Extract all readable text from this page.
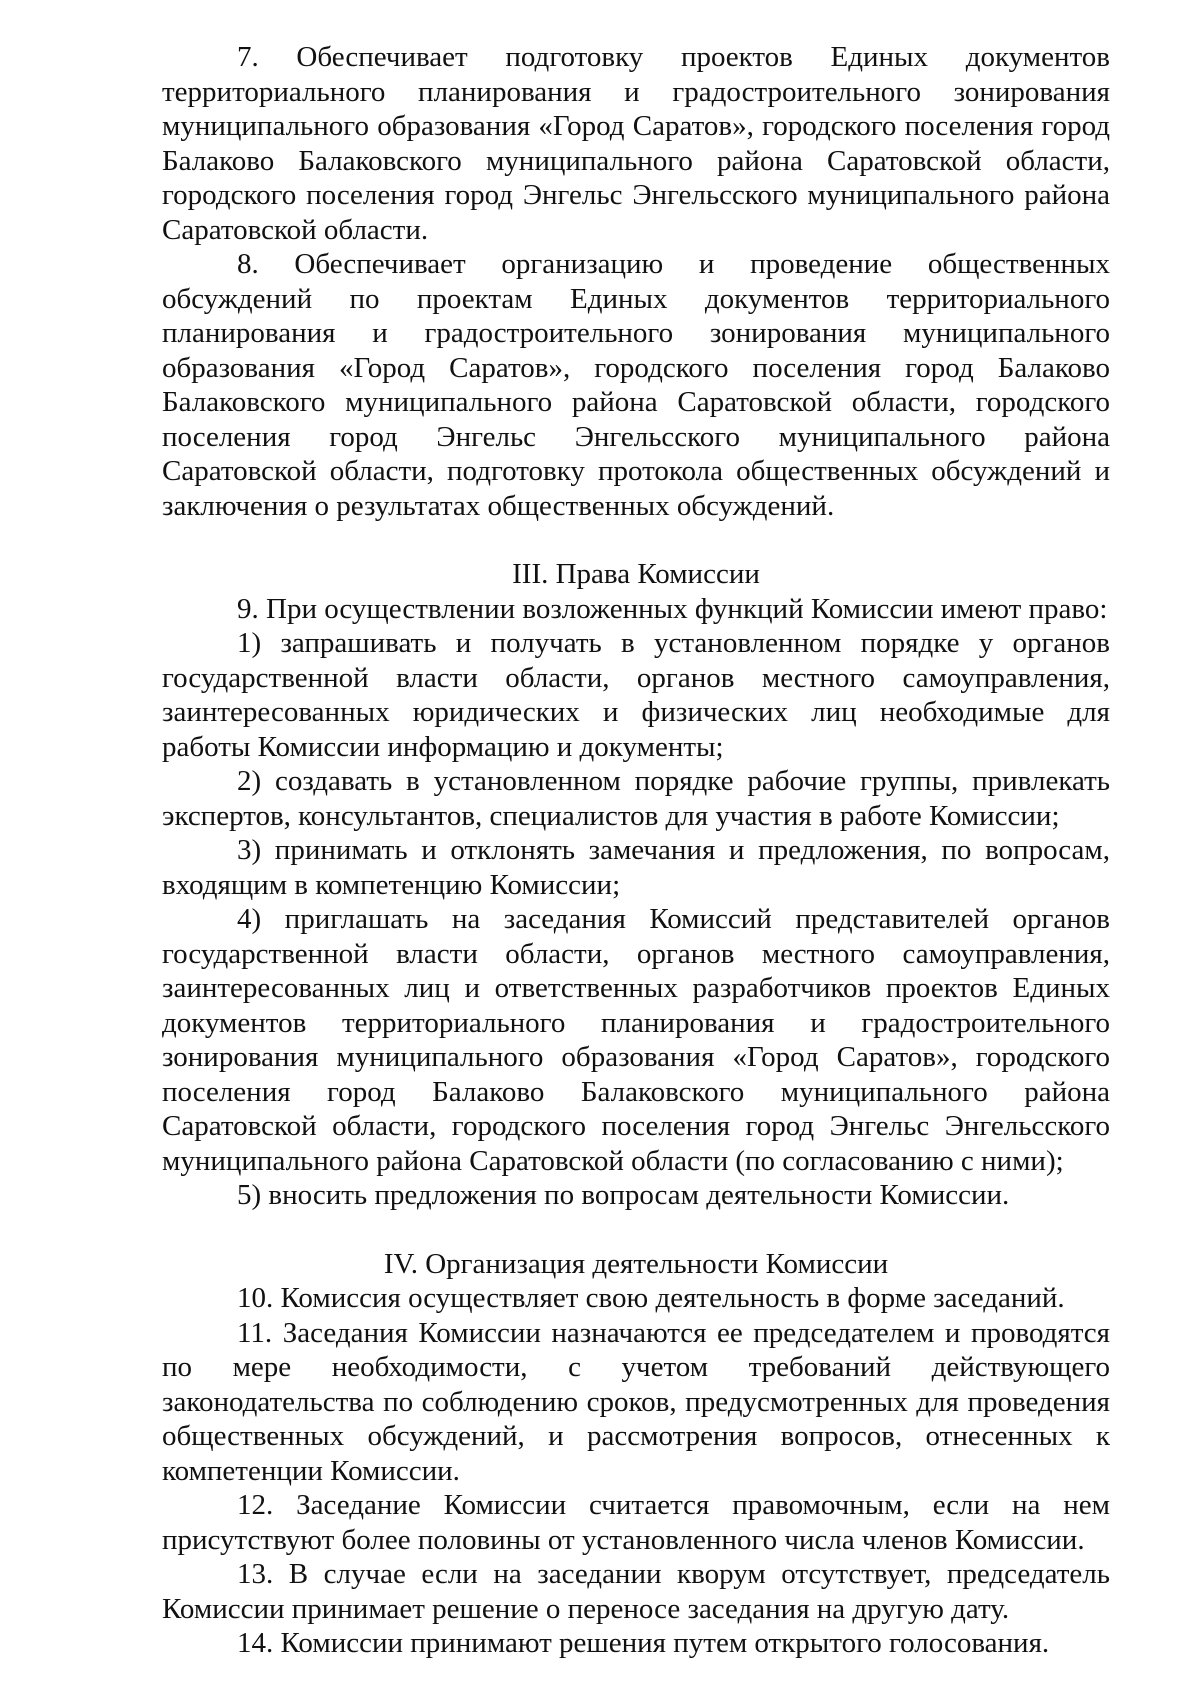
7. Обеспечивает подготовку проектов Единых документов территориального планирования и градостроительного зонирования муниципального образования «Город Саратов», городского поселения город Балаково Балаковского муниципального района Саратовской области, городского поселения город Энгельс Энгельсского муниципального района Саратовской области.

8. Обеспечивает организацию и проведение общественных обсуждений по проектам Единых документов территориального планирования и градостроительного зонирования муниципального образования «Город Саратов», городского поселения город Балаково Балаковского муниципального района Саратовской области, городского поселения город Энгельс Энгельсского муниципального района Саратовской области, подготовку протокола общественных обсуждений и заключения о результатах общественных обсуждений.

III. Права Комиссии

9. При осуществлении возложенных функций Комиссии имеют право:

1) запрашивать и получать в установленном порядке у органов государственной власти области, органов местного самоуправления, заинтересованных юридических и физических лиц необходимые для работы Комиссии информацию и документы;

2) создавать в установленном порядке рабочие группы, привлекать экспертов, консультантов, специалистов для участия в работе Комиссии;

3) принимать и отклонять замечания и предложения, по вопросам, входящим в компетенцию Комиссии;

4) приглашать на заседания Комиссий представителей органов государственной власти области, органов местного самоуправления, заинтересованных лиц и ответственных разработчиков проектов Единых документов территориального планирования и градостроительного зонирования муниципального образования «Город Саратов», городского поселения город Балаково Балаковского муниципального района Саратовской области, городского поселения город Энгельс Энгельсского муниципального района Саратовской области (по согласованию с ними);

5) вносить предложения по вопросам деятельности Комиссии.

IV. Организация деятельности Комиссии

10. Комиссия осуществляет свою деятельность в форме заседаний.

11. Заседания Комиссии назначаются ее председателем и проводятся по мере необходимости, с учетом требований действующего законодательства по соблюдению сроков, предусмотренных для проведения общественных обсуждений, и рассмотрения вопросов, отнесенных к компетенции Комиссии.

12. Заседание Комиссии считается правомочным, если на нем присутствуют более половины от установленного числа членов Комиссии.

13. В случае если на заседании кворум отсутствует, председатель Комиссии принимает решение о переносе заседания на другую дату.

14. Комиссии принимают решения путем открытого голосования.
